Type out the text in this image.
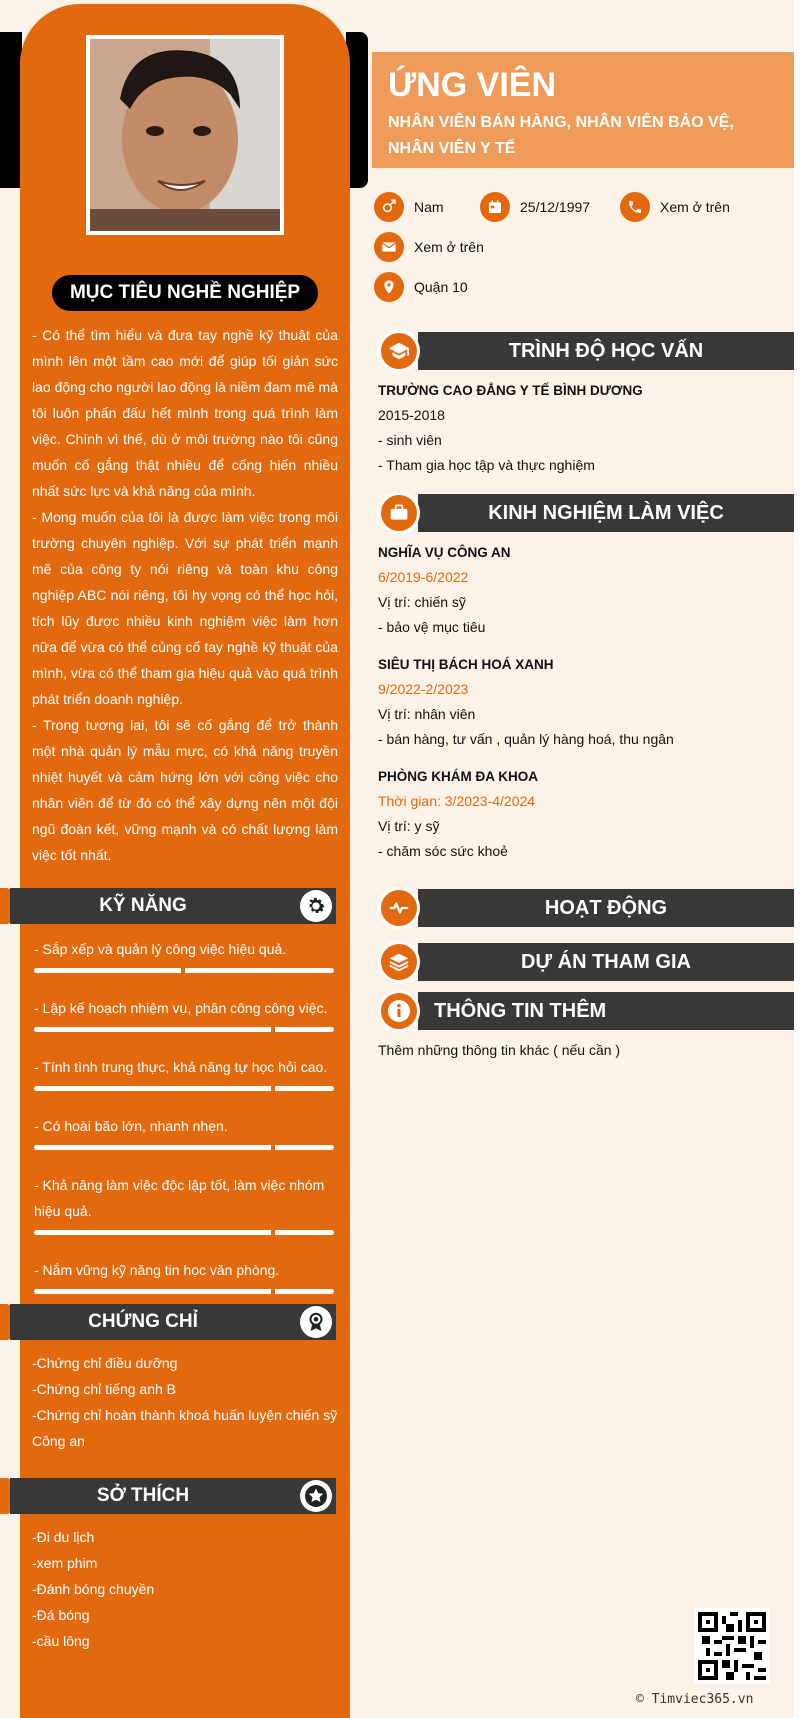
MỤC TIÊU NGHỀ NGHIỆP

- Có thể tìm hiểu và đưa tay nghề kỹ thuật của mình lên một tầm cao mới để giúp tối giản sức lao động cho người lao động là niềm đam mê mà tôi luôn phấn đấu hết mình trong quá trình làm việc. Chính vì thế, dù ở môi trường nào tôi cũng muốn cố gắng thật nhiều để cống hiến nhiều nhất sức lực và khả năng của mình.

- Mong muốn của tôi là được làm việc trong môi trường chuyên nghiệp. Với sự phát triển mạnh mẽ của công ty nói riêng và toàn khu công nghiệp ABC nói riêng, tôi hy vọng có thể học hỏi, tích lũy được nhiều kinh nghiệm việc làm hơn nữa để vừa có thể củng cố tay nghề kỹ thuật của mình, vừa có thể tham gia hiệu quả vào quá trình phát triển doanh nghiệp.

- Trong tương lai, tôi sẽ cố gắng để trở thành một nhà quản lý mẫu mực, có khả năng truyền nhiệt huyết và cảm hứng lớn với công việc cho nhân viên để từ đó có thể xây dựng nên một đội ngũ đoàn kết, vững mạnh và có chất lượng làm việc tốt nhất.

KỸ NĂNG
- Sắp xếp và quản lý công việc hiệu quả.
- Lập kế hoạch nhiệm vụ, phân công công việc.
- Tính tình trung thực, khả năng tự học hỏi cao.
- Có hoài bão lớn, nhanh nhẹn.
- Khả năng làm việc độc lập tốt, làm việc nhóm hiệu quả.
- Nắm vững kỹ năng tin học văn phòng.
CHỨNG CHỈ
-Chứng chỉ điều dưỡng
-Chứng chỉ tiếng anh B
-Chứng chỉ hoàn thành khoá huấn luyện chiến sỹ Công an
SỞ THÍCH
-Đi du lịch
-xem phim
-Đánh bóng chuyền
-Đá bóng
-cầu lông
ỨNG VIÊN
NHÂN VIÊN BÁN HÀNG, NHÂN VIÊN BẢO VỆ, NHÂN VIÊN Y TẾ
Nam	25/12/1997	Xem ở trên
Xem ở trên
Quận 10
TRÌNH ĐỘ HỌC VẤN
TRƯỜNG CAO ĐẲNG Y TẾ BÌNH DƯƠNG
2015-2018
- sinh viên
- Tham gia học tập và thực nghiệm
KINH NGHIỆM LÀM VIỆC
NGHĨA VỤ CÔNG AN
6/2019-6/2022
Vị trí: chiến sỹ
- bảo vệ mục tiêu
SIÊU THỊ BÁCH HOÁ XANH
9/2022-2/2023
Vị trí: nhân viên
- bán hàng, tư vấn , quản lý hàng hoá, thu ngân
PHÒNG KHÁM ĐA KHOA
Thời gian: 3/2023-4/2024
Vị trí: y sỹ
- chăm sóc sức khoẻ
HOẠT ĐỘNG
DỰ ÁN THAM GIA
THÔNG TIN THÊM
Thêm những thông tin khác ( nếu cần )
© Timviec365.vn
